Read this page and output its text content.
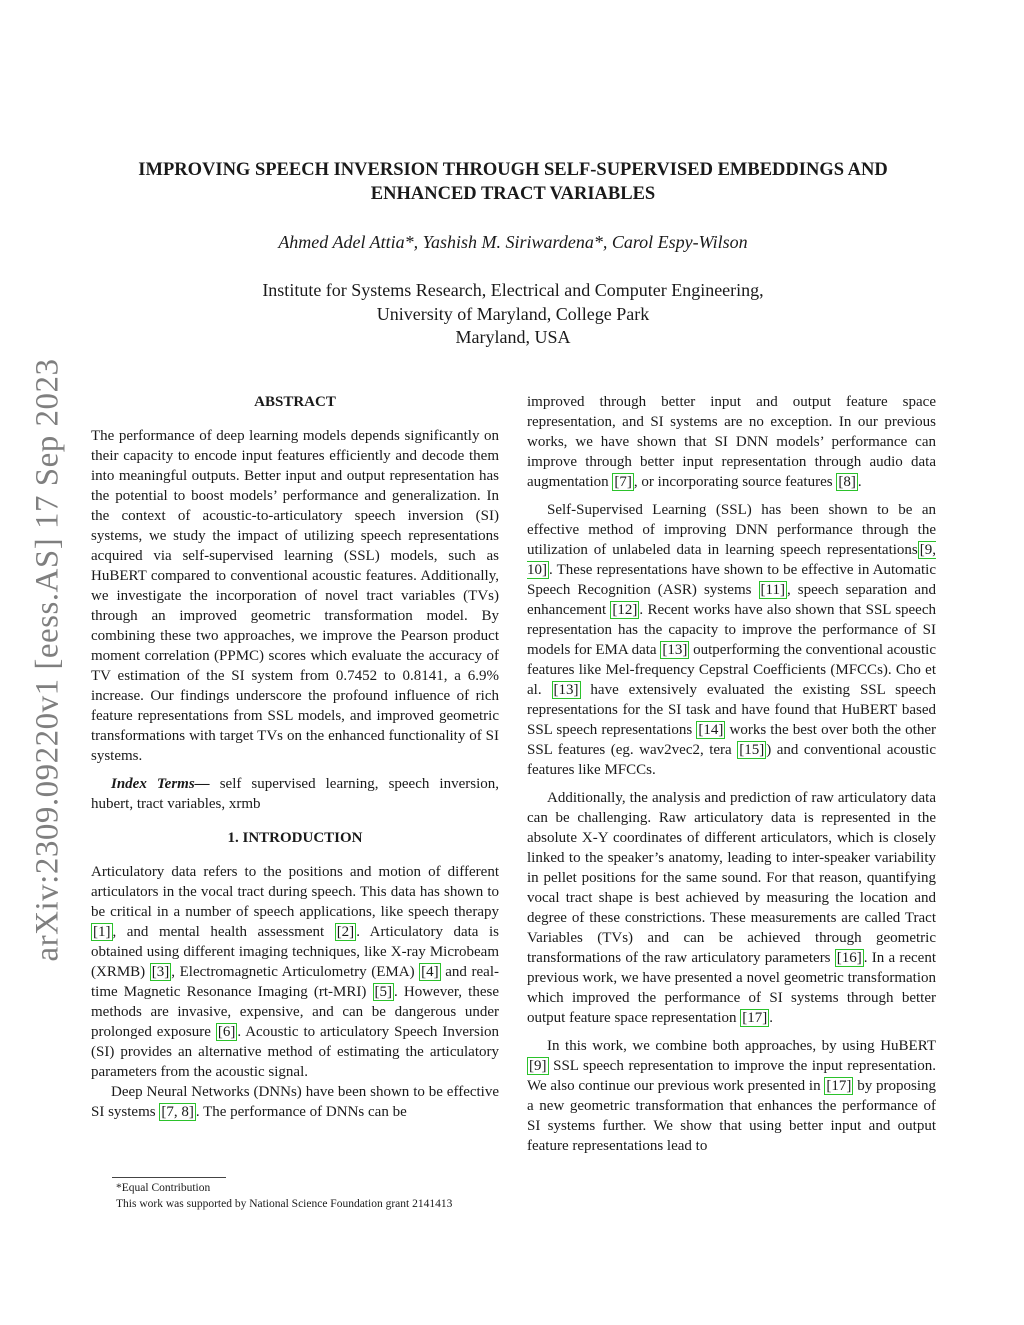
arXiv:2309.09220v1 [eess.AS] 17 Sep 2023
IMPROVING SPEECH INVERSION THROUGH SELF-SUPERVISED EMBEDDINGS AND
ENHANCED TRACT VARIABLES
Ahmed Adel Attia*, Yashish M. Siriwardena*, Carol Espy-Wilson
Institute for Systems Research, Electrical and Computer Engineering,
University of Maryland, College Park
Maryland, USA
ABSTRACT

The performance of deep learning models depends significantly on their capacity to encode input features efficiently and decode them into meaningful outputs. Better input and output representation has the potential to boost models’ performance and generalization. In the context of acoustic-to-articulatory speech inversion (SI) systems, we study the impact of utilizing speech representations acquired via self-supervised learning (SSL) models, such as HuBERT compared to conventional acoustic features. Additionally, we investigate the incorporation of novel tract variables (TVs) through an improved geometric transformation model. By combining these two approaches, we improve the Pearson product moment correlation (PPMC) scores which evaluate the accuracy of TV estimation of the SI system from 0.7452 to 0.8141, a 6.9% increase. Our findings underscore the profound influence of rich feature representations from SSL models, and improved geometric transformations with target TVs on the enhanced functionality of SI systems.

Index Terms— self supervised learning, speech inversion, hubert, tract variables, xrmb

1. INTRODUCTION

Articulatory data refers to the positions and motion of different articulators in the vocal tract during speech. This data has shown to be critical in a number of speech applications, like speech therapy [1] , and mental health assessment [2] . Articulatory data is obtained using different imaging techniques, like X-ray Microbeam (XRMB) [3] , Electromagnetic Articulometry (EMA) [4] and real-time Magnetic Resonance Imaging (rt-MRI) [5] . However, these methods are invasive, expensive, and can be dangerous under prolonged exposure [6] . Acoustic to articulatory Speech Inversion (SI) provides an alternative method of estimating the articulatory parameters from the acoustic signal.

Deep Neural Networks (DNNs) have been shown to be effective SI systems [7, 8] . The performance of DNNs can be

improved through better input and output feature space representation, and SI systems are no exception. In our previous works, we have shown that SI DNN models’ performance can improve through better input representation through audio data augmentation [7] , or incorporating source features [8] .

Self-Supervised Learning (SSL) has been shown to be an effective method of improving DNN performance through the utilization of unlabeled data in learning speech representations [9, 10] . These representations have shown to be effective in Automatic Speech Recognition (ASR) systems [11] , speech separation and enhancement [12] . Recent works have also shown that SSL speech representation has the capacity to improve the performance of SI models for EMA data [13] outperforming the conventional acoustic features like Mel-frequency Cepstral Coefficients (MFCCs). Cho et al. [13] have extensively evaluated the existing SSL speech representations for the SI task and have found that HuBERT based SSL speech representations [14] works the best over both the other SSL features (eg. wav2vec2, tera [15] ) and conventional acoustic features like MFCCs.

Additionally, the analysis and prediction of raw articulatory data can be challenging. Raw articulatory data is represented in the absolute X-Y coordinates of different articulators, which is closely linked to the speaker’s anatomy, leading to inter-speaker variability in pellet positions for the same sound. For that reason, quantifying vocal tract shape is best achieved by measuring the location and degree of these constrictions. These measurements are called Tract Variables (TVs) and can be achieved through geometric transformations of the raw articulatory parameters [16] . In a recent previous work, we have presented a novel geometric transformation which improved the performance of SI systems through better output feature space representation [17] .

In this work, we combine both approaches, by using HuBERT [9] SSL speech representation to improve the input representation. We also continue our previous work presented in [17] by proposing a new geometric transformation that enhances the performance of SI systems further. We show that using better input and output feature representations lead to

*Equal Contribution
This work was supported by National Science Foundation grant 2141413
